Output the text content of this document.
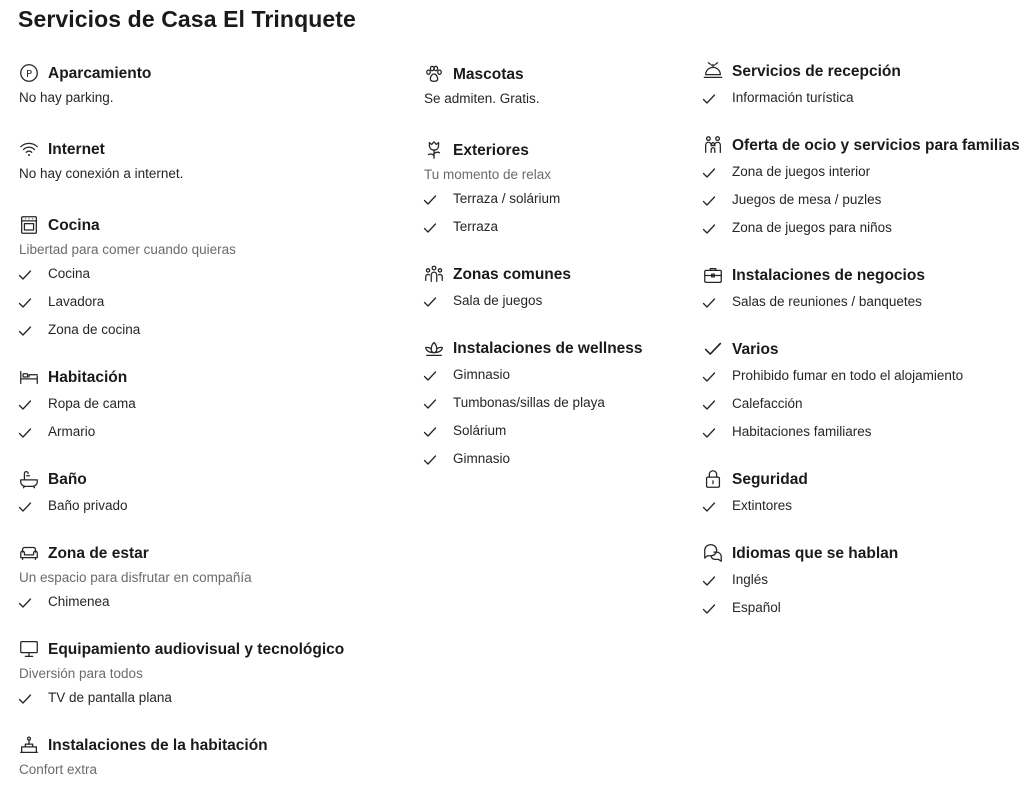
Servicios de Casa El Trinquete
P Aparcamiento
No hay parking.
Internet
No hay conexión a internet.
Cocina
Libertad para comer cuando quieras
Cocina
Lavadora
Zona de cocina
Habitación
Ropa de cama
Armario
Baño
Baño privado
Zona de estar
Un espacio para disfrutar en compañía
Chimenea
Equipamiento audiovisual y tecnológico
Diversión para todos
TV de pantalla plana
Instalaciones de la habitación
Confort extra
Mascotas
Se admiten. Gratis.
Exteriores
Tu momento de relax
Terraza / solárium
Terraza
Zonas comunes
Sala de juegos
Instalaciones de wellness
Gimnasio
Tumbonas/sillas de playa
Solárium
Gimnasio
Servicios de recepción
Información turística
Oferta de ocio y servicios para familias
Zona de juegos interior
Juegos de mesa / puzles
Zona de juegos para niños
Instalaciones de negocios
Salas de reuniones / banquetes
Varios
Prohibido fumar en todo el alojamiento
Calefacción
Habitaciones familiares
Seguridad
Extintores
Idiomas que se hablan
Inglés
Español
